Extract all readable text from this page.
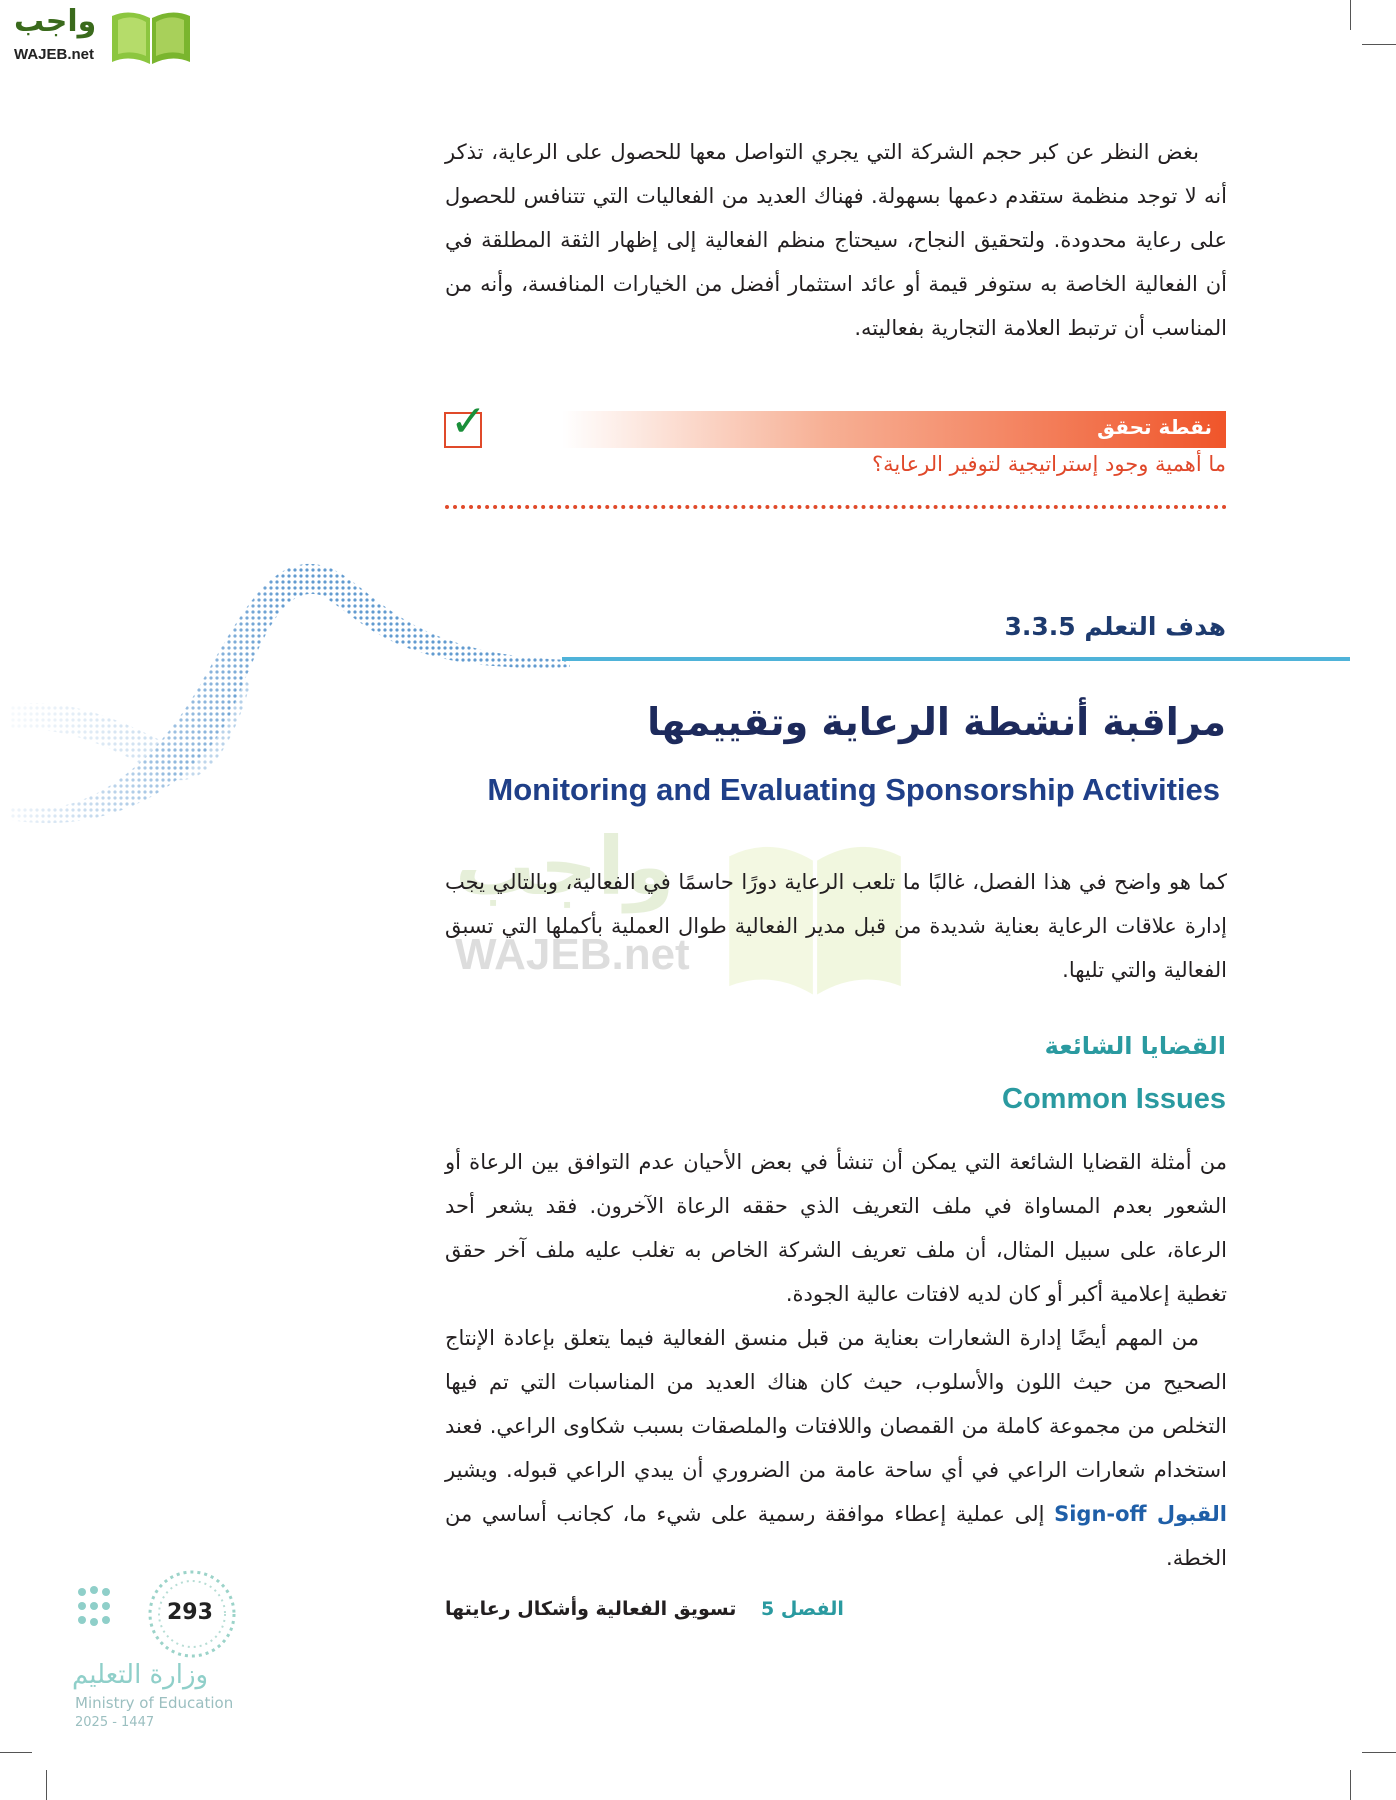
واجب
WAJEB.net

بغض النظر عن كبر حجم الشركة التي يجري التواصل معها للحصول على الرعاية، تذكر أنه لا توجد منظمة ستقدم دعمها بسهولة. فهناك العديد من الفعاليات التي تتنافس للحصول على رعاية محدودة. ولتحقيق النجاح، سيحتاج منظم الفعالية إلى إظهار الثقة المطلقة في أن الفعالية الخاصة به ستوفر قيمة أو عائد استثمار أفضل من الخيارات المنافسة، وأنه من المناسب أن ترتبط العلامة التجارية بفعاليته.

✓	نقطة تحقق
ما أهمية وجود إستراتيجية لتوفير الرعاية؟
هدف التعلم 3.3.5
مراقبة أنشطة الرعاية وتقييمها
Monitoring and Evaluating Sponsorship Activities
واجب
WAJEB.net

كما هو واضح في هذا الفصل، غالبًا ما تلعب الرعاية دورًا حاسمًا في الفعالية، وبالتالي يجب إدارة علاقات الرعاية بعناية شديدة من قبل مدير الفعالية طوال العملية بأكملها التي تسبق الفعالية والتي تليها.

القضايا الشائعة
Common Issues

من أمثلة القضايا الشائعة التي يمكن أن تنشأ في بعض الأحيان عدم التوافق بين الرعاة أو الشعور بعدم المساواة في ملف التعريف الذي حققه الرعاة الآخرون. فقد يشعر أحد الرعاة، على سبيل المثال، أن ملف تعريف الشركة الخاص به تغلب عليه ملف آخر حقق تغطية إعلامية أكبر أو كان لديه لافتات عالية الجودة.

من المهم أيضًا إدارة الشعارات بعناية من قبل منسق الفعالية فيما يتعلق بإعادة الإنتاج الصحيح من حيث اللون والأسلوب، حيث كان هناك العديد من المناسبات التي تم فيها التخلص من مجموعة كاملة من القمصان واللافتات والملصقات بسبب شكاوى الراعي. فعند استخدام شعارات الراعي في أي ساحة عامة من الضروري أن يبدي الراعي قبوله. ويشير القبول Sign-off إلى عملية إعطاء موافقة رسمية على شيء ما، كجانب أساسي من الخطة.

الفصل 5 تسويق الفعالية وأشكال رعايتها
293
وزارة التعليم
Ministry of Education
2025 - 1447
